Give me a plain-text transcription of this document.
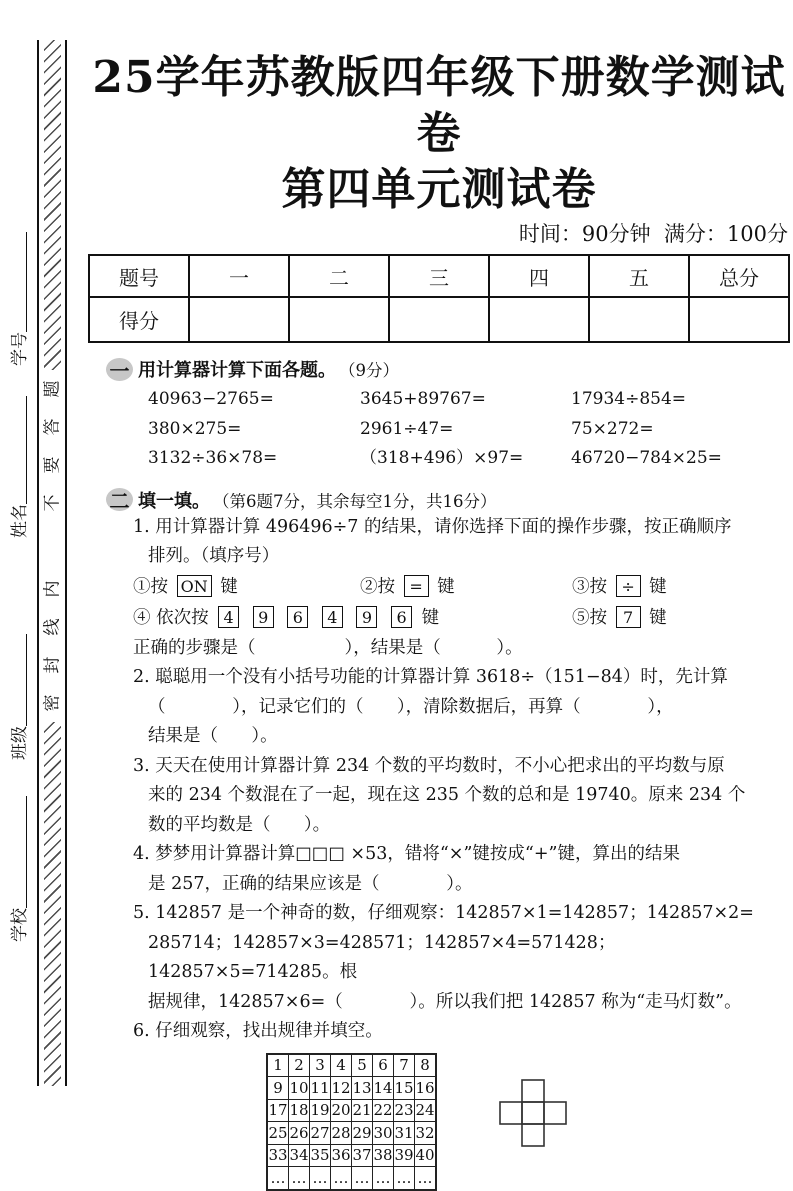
学校
班级
姓名
学号
题
答
要
不
内
线
封
密
25学年苏教版四年级下册数学测试卷
第四单元测试卷
时间：90分钟  满分：100分
题号	一	二	三	四	五	总分
得分						
一 用计算器计算下面各题。 （9分）
40963−2765=	3645+89767=	17934÷854=
380×275=	2961÷47=	75×272=
3132÷36×78=	（318+496）×97=	46720−784×25=
二 填一填。 （第6题7分，其余每空1分，共16分）
1. 用计算器计算 496496÷7 的结果，请你选择下面的操作步骤，按正确顺序
排列。（填序号）
①按 ON 键	②按 = 键	③按 ÷ 键
④ 依次按 4 9 6 4 9 6 键	⑤按 7 键
正确的步骤是（                ），结果是（          ）。
2. 聪聪用一个没有小括号功能的计算器计算 3618÷（151−84）时，先计算
（            ），记录它们的（      ），清除数据后，再算（            ），
结果是（      ）。
3. 天天在使用计算器计算 234 个数的平均数时，不小心把求出的平均数与原
来的 234 个数混在了一起，现在这 235 个数的总和是 19740。原来 234 个
数的平均数是（      ）。
4. 梦梦用计算器计算□□□ ×53，错将“×”键按成“+”键，算出的结果
是 257，正确的结果应该是（            ）。
5. 142857 是一个神奇的数，仔细观察：142857×1=142857；142857×2=
285714；142857×3=428571；142857×4=571428；142857×5=714285。根
据规律，142857×6=（            ）。所以我们把 142857 称为“走马灯数”。
6. 仔细观察，找出规律并填空。
1	2	3	4	5	6	7	8
9	10	11	12	13	14	15	16
17	18	19	20	21	22	23	24
25	26	27	28	29	30	31	32
33	34	35	36	37	38	39	40
…	…	…	…	…	…	…	…
